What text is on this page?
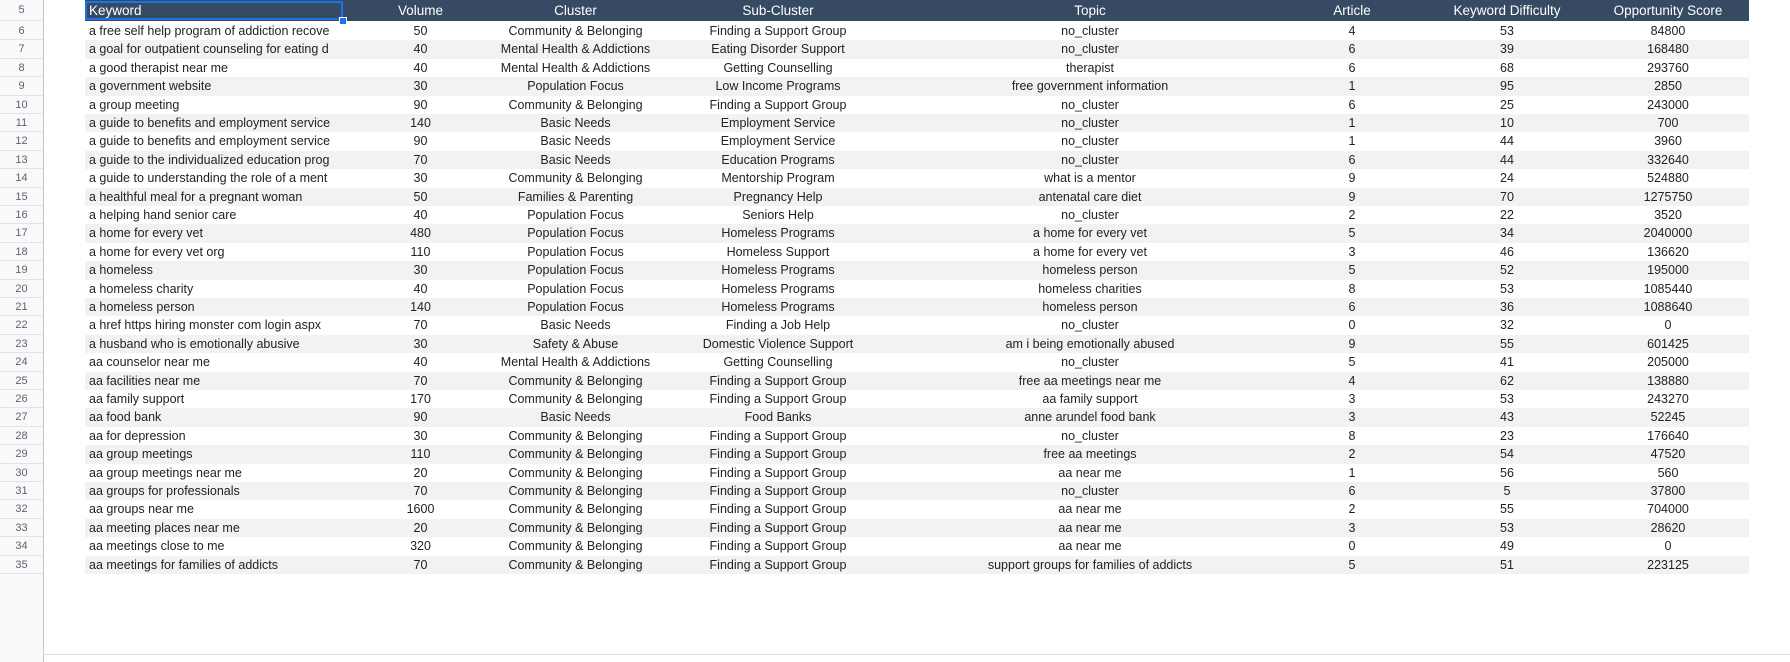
5	Keyword	Volume	Cluster	Sub-Cluster	Topic	Article	Keyword Difficulty	Opportunity Score
6	a free self help program of addiction recove	50	Community & Belonging	Finding a Support Group	no_cluster	4	53	84800
7	a goal for outpatient counseling for eating d	40	Mental Health & Addictions	Eating Disorder Support	no_cluster	6	39	168480
8	a good therapist near me	40	Mental Health & Addictions	Getting Counselling	therapist	6	68	293760
9	a government website	30	Population Focus	Low Income Programs	free government information	1	95	2850
10	a group meeting	90	Community & Belonging	Finding a Support Group	no_cluster	6	25	243000
11	a guide to benefits and employment service	140	Basic Needs	Employment Service	no_cluster	1	10	700
12	a guide to benefits and employment service	90	Basic Needs	Employment Service	no_cluster	1	44	3960
13	a guide to the individualized education prog	70	Basic Needs	Education Programs	no_cluster	6	44	332640
14	a guide to understanding the role of a ment	30	Community & Belonging	Mentorship Program	what is a mentor	9	24	524880
15	a healthful meal for a pregnant woman	50	Families & Parenting	Pregnancy Help	antenatal care diet	9	70	1275750
16	a helping hand senior care	40	Population Focus	Seniors Help	no_cluster	2	22	3520
17	a home for every vet	480	Population Focus	Homeless Programs	a home for every vet	5	34	2040000
18	a home for every vet org	110	Population Focus	Homeless Support	a home for every vet	3	46	136620
19	a homeless	30	Population Focus	Homeless Programs	homeless person	5	52	195000
20	a homeless charity	40	Population Focus	Homeless Programs	homeless charities	8	53	1085440
21	a homeless person	140	Population Focus	Homeless Programs	homeless person	6	36	1088640
22	a href https hiring monster com login aspx	70	Basic Needs	Finding a Job Help	no_cluster	0	32	0
23	a husband who is emotionally abusive	30	Safety & Abuse	Domestic Violence Support	am i being emotionally abused	9	55	601425
24	aa counselor near me	40	Mental Health & Addictions	Getting Counselling	no_cluster	5	41	205000
25	aa facilities near me	70	Community & Belonging	Finding a Support Group	free aa meetings near me	4	62	138880
26	aa family support	170	Community & Belonging	Finding a Support Group	aa family support	3	53	243270
27	aa food bank	90	Basic Needs	Food Banks	anne arundel food bank	3	43	52245
28	aa for depression	30	Community & Belonging	Finding a Support Group	no_cluster	8	23	176640
29	aa group meetings	110	Community & Belonging	Finding a Support Group	free aa meetings	2	54	47520
30	aa group meetings near me	20	Community & Belonging	Finding a Support Group	aa near me	1	56	560
31	aa groups for professionals	70	Community & Belonging	Finding a Support Group	no_cluster	6	5	37800
32	aa groups near me	1600	Community & Belonging	Finding a Support Group	aa near me	2	55	704000
33	aa meeting places near me	20	Community & Belonging	Finding a Support Group	aa near me	3	53	28620
34	aa meetings close to me	320	Community & Belonging	Finding a Support Group	aa near me	0	49	0
35	aa meetings for families of addicts	70	Community & Belonging	Finding a Support Group	support groups for families of addicts	5	51	223125
